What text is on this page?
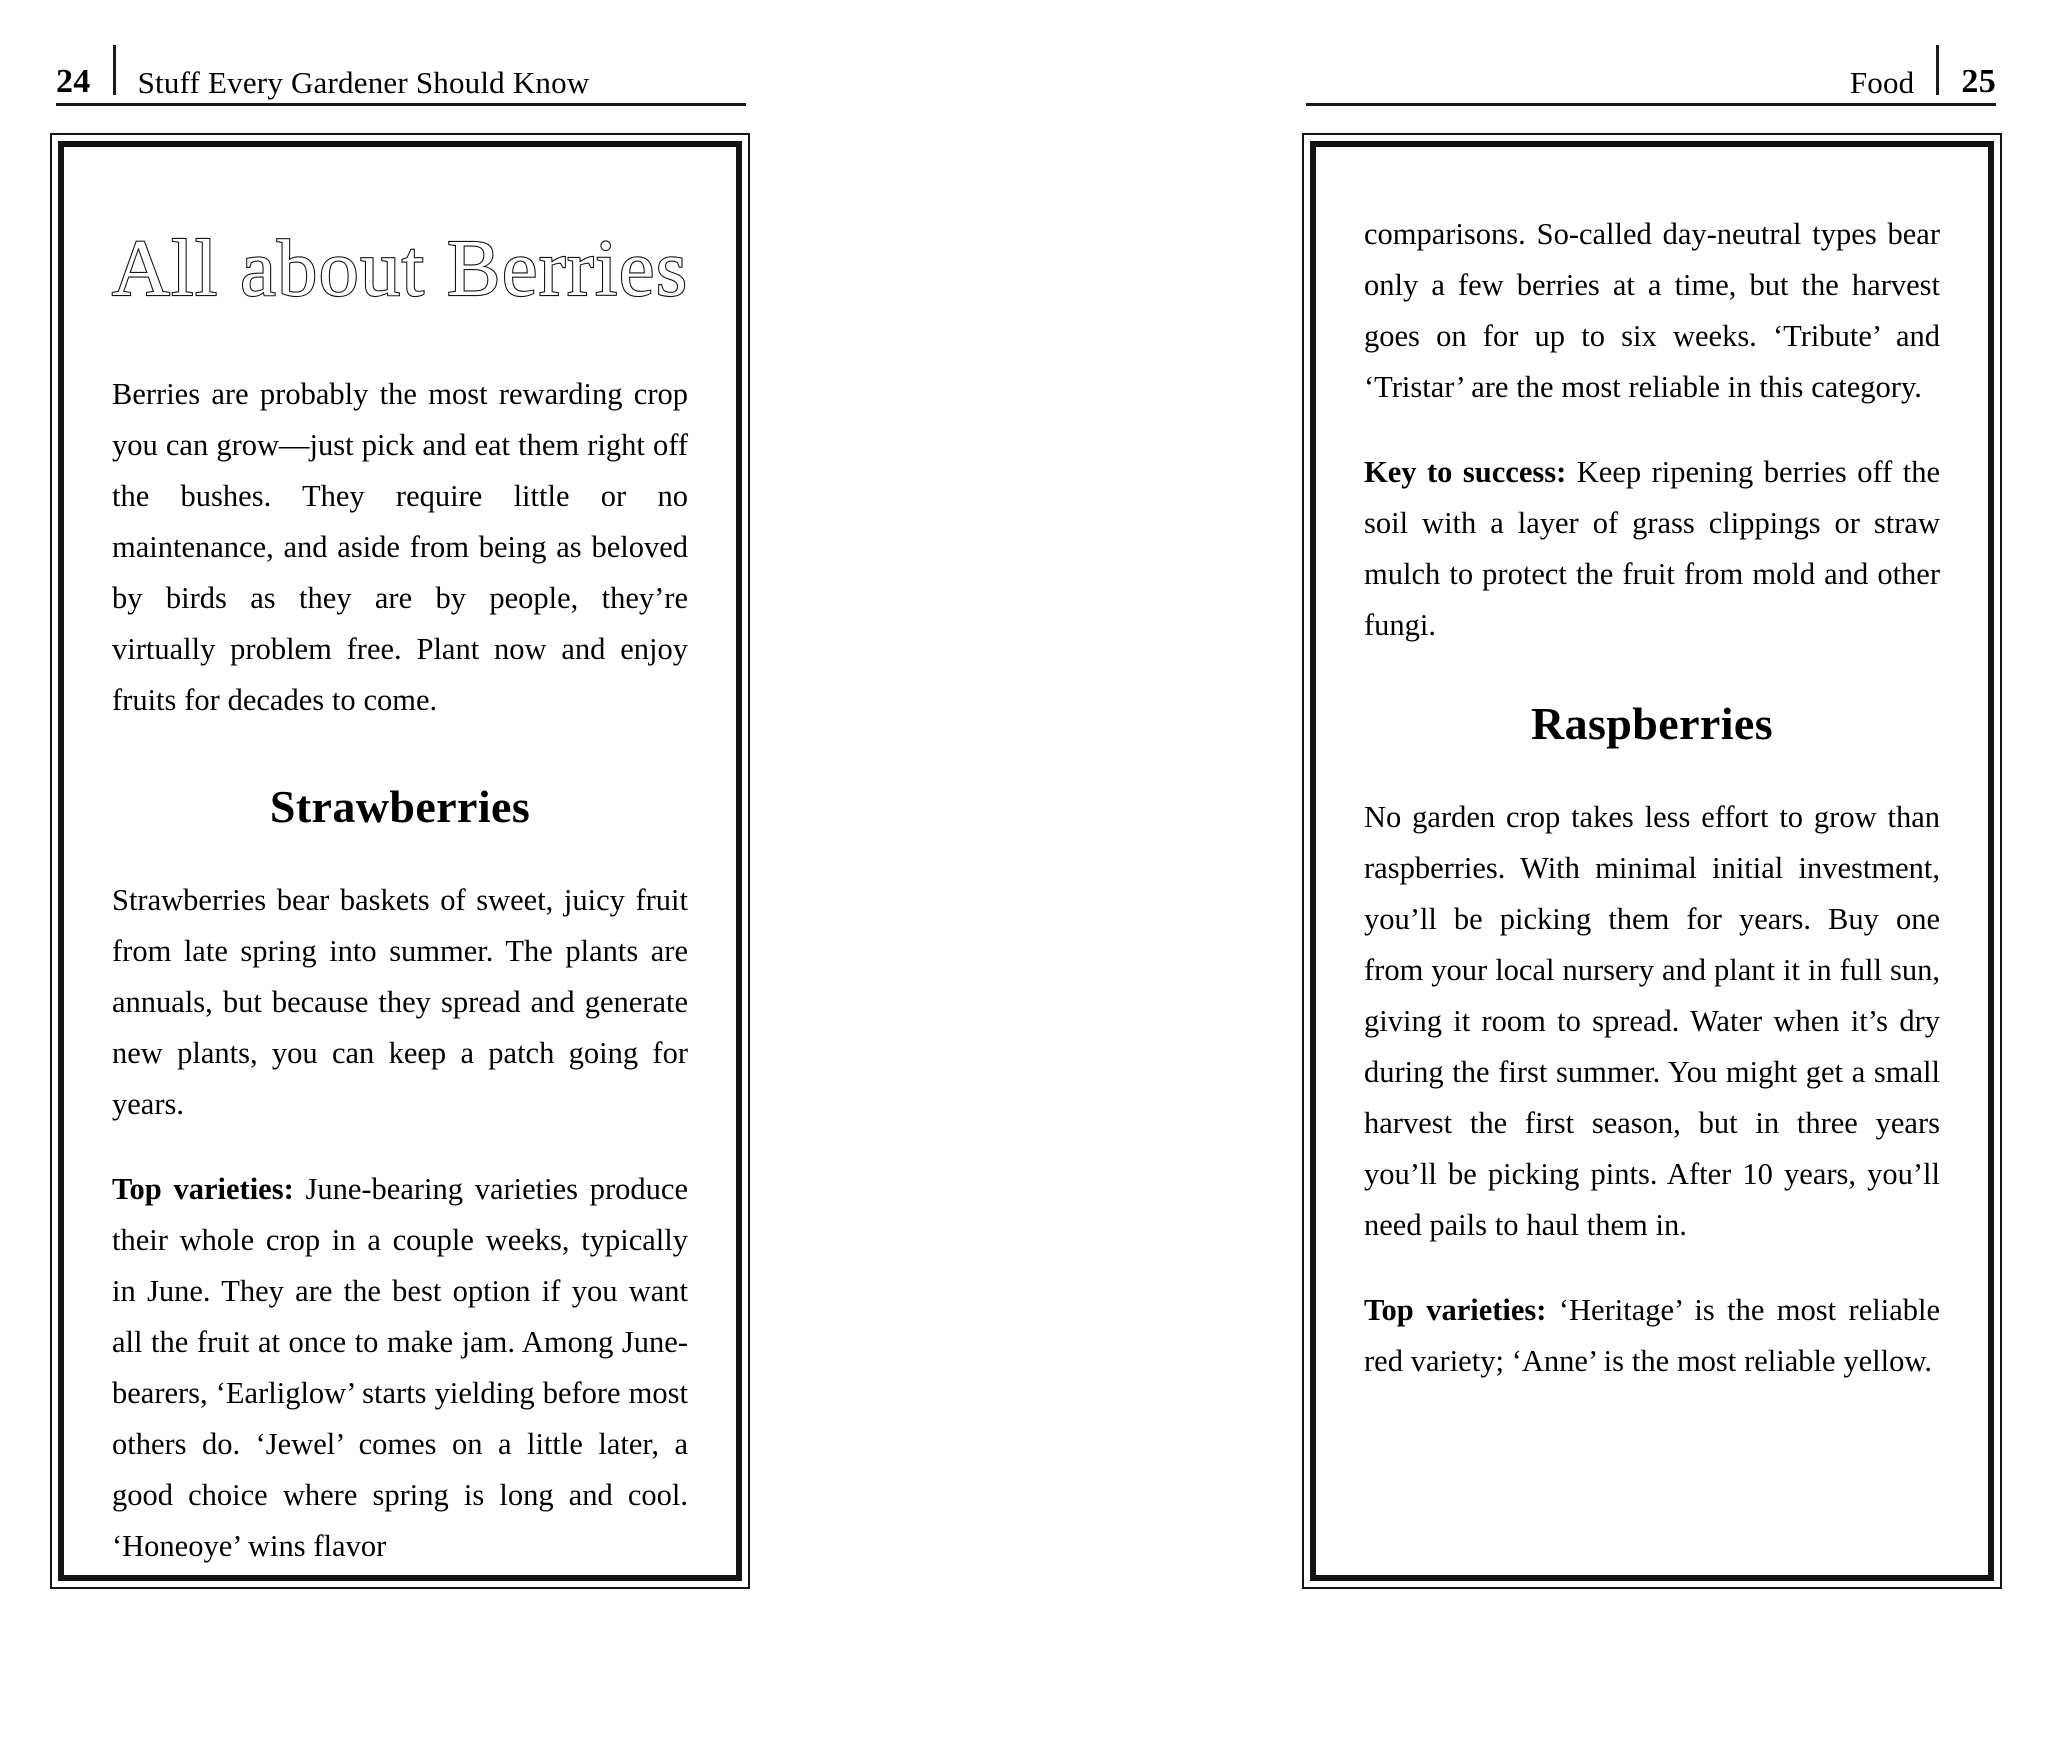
24 Stuff Every Gardener Should Know	Food 25
All about Berries

Berries are probably the most rewarding crop you can grow—just pick and eat them right off the bushes. They require little or no maintenance, and aside from being as beloved by birds as they are by people, they’re virtually problem free. Plant now and enjoy fruits for decades to come.

Strawberries

Strawberries bear baskets of sweet, juicy fruit from late spring into summer. The plants are annuals, but because they spread and generate new plants, you can keep a patch going for years.

Top varieties: June-bearing varieties produce their whole crop in a couple weeks, typically in June. They are the best option if you want all the fruit at once to make jam. Among June-bearers, ‘Earliglow’ starts yielding before most others do. ‘Jewel’ comes on a little later, a good choice where spring is long and cool. ‘Honeoye’ wins flavor

comparisons. So-called day-neutral types bear only a few berries at a time, but the harvest goes on for up to six weeks. ‘Tribute’ and ‘Tristar’ are the most reliable in this category.

Key to success: Keep ripening berries off the soil with a layer of grass clippings or straw mulch to protect the fruit from mold and other fungi.

Raspberries

No garden crop takes less effort to grow than raspberries. With minimal initial investment, you’ll be picking them for years. Buy one from your local nursery and plant it in full sun, giving it room to spread. Water when it’s dry during the first summer. You might get a small harvest the first season, but in three years you’ll be picking pints. After 10 years, you’ll need pails to haul them in.

Top varieties: ‘Heritage’ is the most reliable red variety; ‘Anne’ is the most reliable yellow.
